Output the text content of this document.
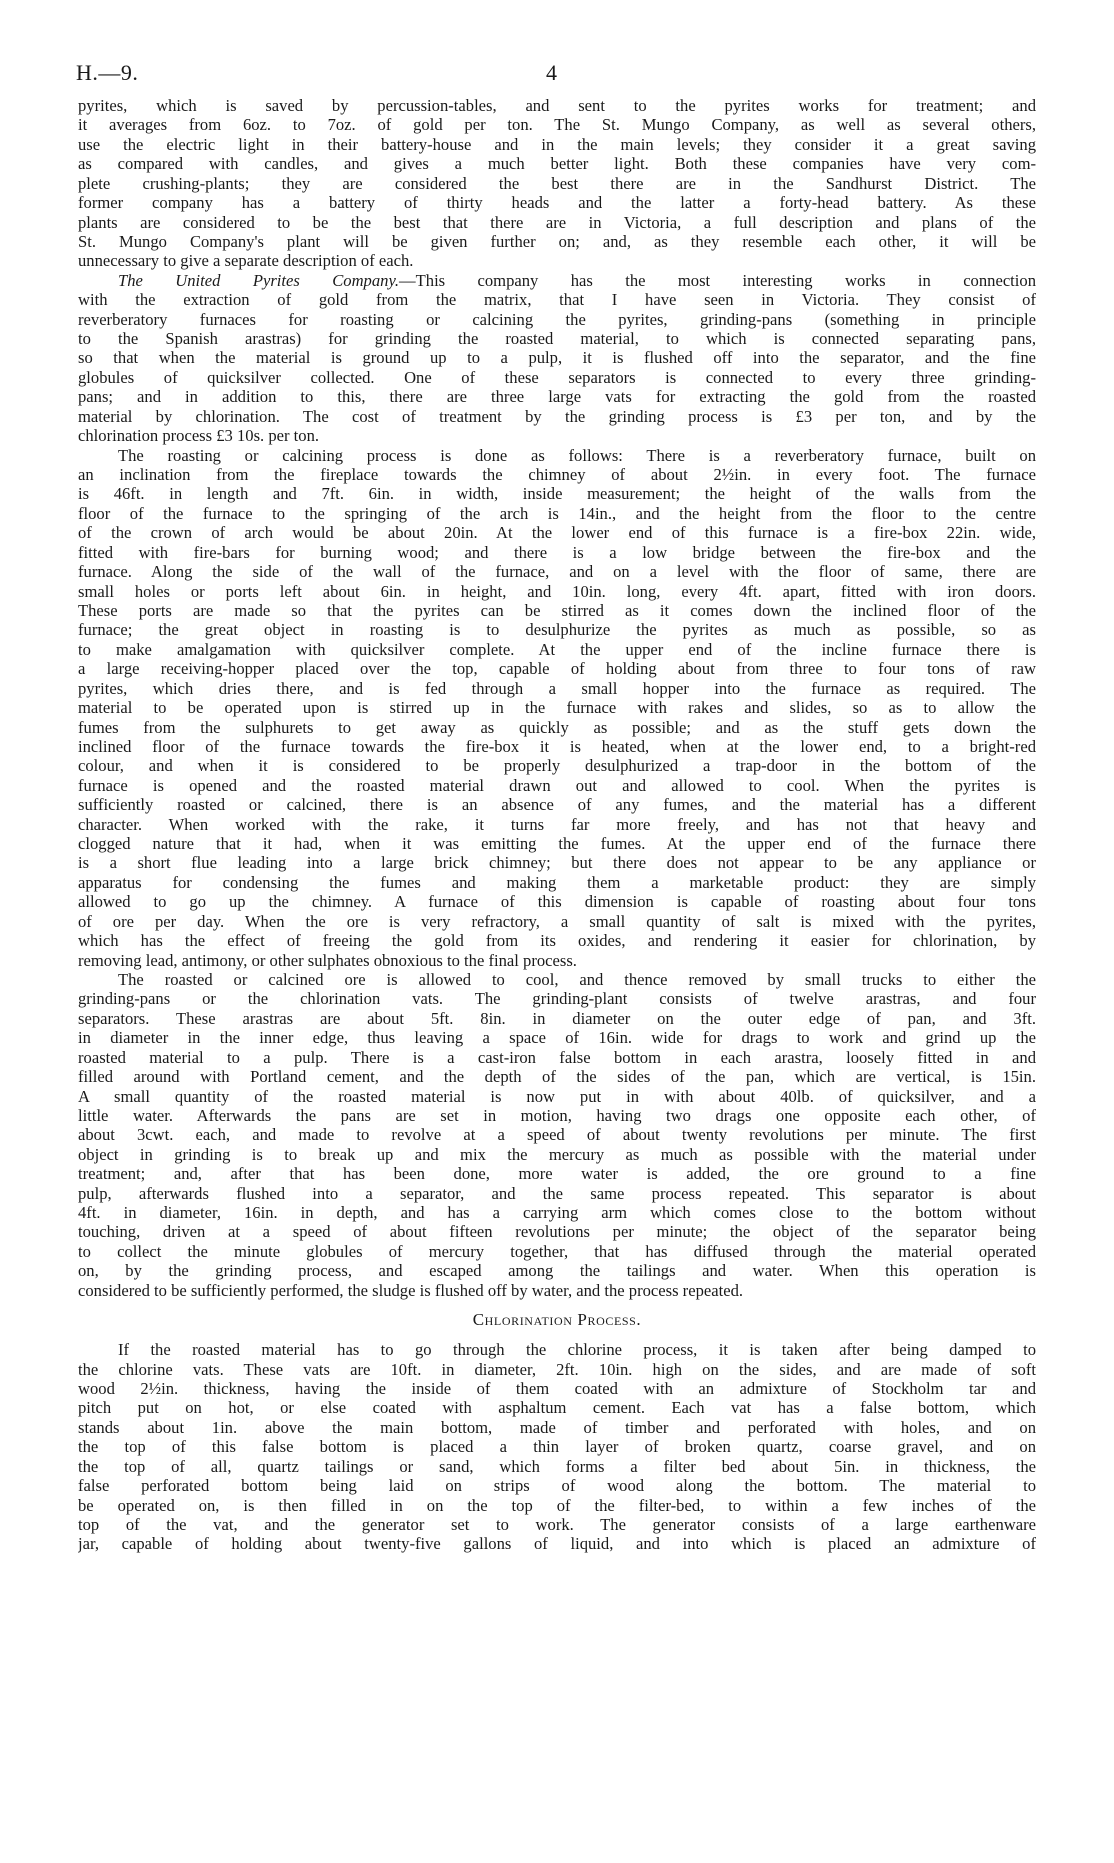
H.—9.	4
pyrites, which is saved by percussion-tables, and sent to the pyrites works for treatment; and
it averages from 6oz. to 7oz. of gold per ton. The St. Mungo Company, as well as several others,
use the electric light in their battery-house and in the main levels; they consider it a great saving
as compared with candles, and gives a much better light. Both these companies have very com-
plete crushing-plants; they are considered the best there are in the Sandhurst District. The
former company has a battery of thirty heads and the latter a forty-head battery. As these
plants are considered to be the best that there are in Victoria, a full description and plans of the
St. Mungo Company's plant will be given further on; and, as they resemble each other, it will be
unnecessary to give a separate description of each.
The United Pyrites Company.—This company has the most interesting works in connection
with the extraction of gold from the matrix, that I have seen in Victoria. They consist of
reverberatory furnaces for roasting or calcining the pyrites, grinding-pans (something in principle
to the Spanish arastras) for grinding the roasted material, to which is connected separating pans,
so that when the material is ground up to a pulp, it is flushed off into the separator, and the fine
globules of quicksilver collected. One of these separators is connected to every three grinding-
pans; and in addition to this, there are three large vats for extracting the gold from the roasted
material by chlorination. The cost of treatment by the grinding process is £3 per ton, and by the
chlorination process £3 10s. per ton.
The roasting or calcining process is done as follows: There is a reverberatory furnace, built on
an inclination from the fireplace towards the chimney of about 2½in. in every foot. The furnace
is 46ft. in length and 7ft. 6in. in width, inside measurement; the height of the walls from the
floor of the furnace to the springing of the arch is 14in., and the height from the floor to the centre
of the crown of arch would be about 20in. At the lower end of this furnace is a fire-box 22in. wide,
fitted with fire-bars for burning wood; and there is a low bridge between the fire-box and the
furnace. Along the side of the wall of the furnace, and on a level with the floor of same, there are
small holes or ports left about 6in. in height, and 10in. long, every 4ft. apart, fitted with iron doors.
These ports are made so that the pyrites can be stirred as it comes down the inclined floor of the
furnace; the great object in roasting is to desulphurize the pyrites as much as possible, so as
to make amalgamation with quicksilver complete. At the upper end of the incline furnace there is
a large receiving-hopper placed over the top, capable of holding about from three to four tons of raw
pyrites, which dries there, and is fed through a small hopper into the furnace as required. The
material to be operated upon is stirred up in the furnace with rakes and slides, so as to allow the
fumes from the sulphurets to get away as quickly as possible; and as the stuff gets down the
inclined floor of the furnace towards the fire-box it is heated, when at the lower end, to a bright-red
colour, and when it is considered to be properly desulphurized a trap-door in the bottom of the
furnace is opened and the roasted material drawn out and allowed to cool. When the pyrites is
sufficiently roasted or calcined, there is an absence of any fumes, and the material has a different
character. When worked with the rake, it turns far more freely, and has not that heavy and
clogged nature that it had, when it was emitting the fumes. At the upper end of the furnace there
is a short flue leading into a large brick chimney; but there does not appear to be any appliance or
apparatus for condensing the fumes and making them a marketable product: they are simply
allowed to go up the chimney. A furnace of this dimension is capable of roasting about four tons
of ore per day. When the ore is very refractory, a small quantity of salt is mixed with the pyrites,
which has the effect of freeing the gold from its oxides, and rendering it easier for chlorination, by
removing lead, antimony, or other sulphates obnoxious to the final process.
The roasted or calcined ore is allowed to cool, and thence removed by small trucks to either the
grinding-pans or the chlorination vats. The grinding-plant consists of twelve arastras, and four
separators. These arastras are about 5ft. 8in. in diameter on the outer edge of pan, and 3ft.
in diameter in the inner edge, thus leaving a space of 16in. wide for drags to work and grind up the
roasted material to a pulp. There is a cast-iron false bottom in each arastra, loosely fitted in and
filled around with Portland cement, and the depth of the sides of the pan, which are vertical, is 15in.
A small quantity of the roasted material is now put in with about 40lb. of quicksilver, and a
little water. Afterwards the pans are set in motion, having two drags one opposite each other, of
about 3cwt. each, and made to revolve at a speed of about twenty revolutions per minute. The first
object in grinding is to break up and mix the mercury as much as possible with the material under
treatment; and, after that has been done, more water is added, the ore ground to a fine
pulp, afterwards flushed into a separator, and the same process repeated. This separator is about
4ft. in diameter, 16in. in depth, and has a carrying arm which comes close to the bottom without
touching, driven at a speed of about fifteen revolutions per minute; the object of the separator being
to collect the minute globules of mercury together, that has diffused through the material operated
on, by the grinding process, and escaped among the tailings and water. When this operation is
considered to be sufficiently performed, the sludge is flushed off by water, and the process repeated.
Chlorination Process.
If the roasted material has to go through the chlorine process, it is taken after being damped to
the chlorine vats. These vats are 10ft. in diameter, 2ft. 10in. high on the sides, and are made of soft
wood 2½in. thickness, having the inside of them coated with an admixture of Stockholm tar and
pitch put on hot, or else coated with asphaltum cement. Each vat has a false bottom, which
stands about 1in. above the main bottom, made of timber and perforated with holes, and on
the top of this false bottom is placed a thin layer of broken quartz, coarse gravel, and on
the top of all, quartz tailings or sand, which forms a filter bed about 5in. in thickness, the
false perforated bottom being laid on strips of wood along the bottom. The material to
be operated on, is then filled in on the top of the filter-bed, to within a few inches of the
top of the vat, and the generator set to work. The generator consists of a large earthenware
jar, capable of holding about twenty-five gallons of liquid, and into which is placed an admixture of
